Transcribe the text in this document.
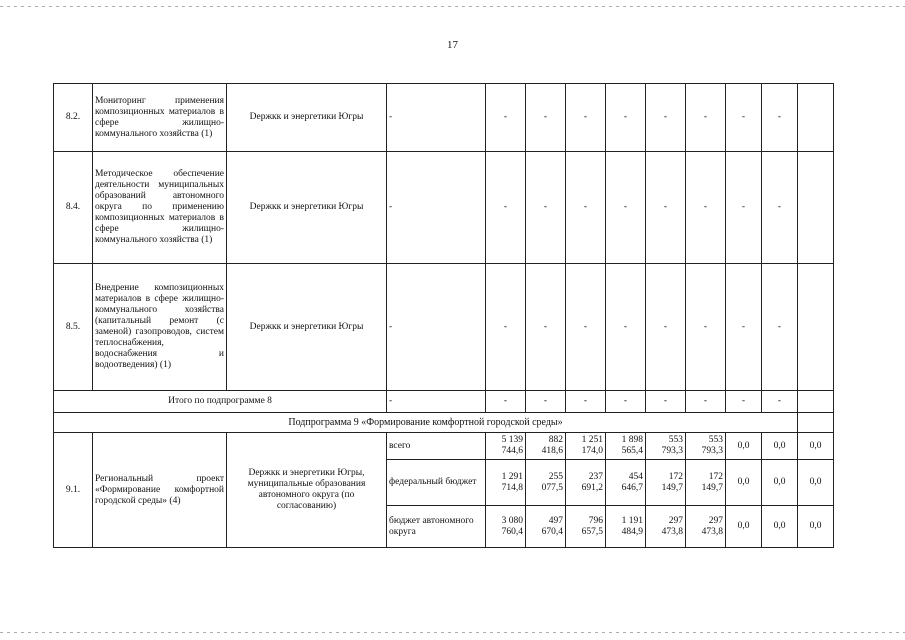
17
8.2.	Мониторинг применения композиционных материалов в сфере жилищно-коммунального хозяйства (1)	Depжкк и энергетики Югры	-	-	-	-	-	-	-	-	-	
8.4.	Методическое обеспечение деятельности муниципальных образований автономного округа по применению композиционных материалов в сфере жилищно-коммунального хозяйства (1)	Depжкк и энергетики Югры	-	-	-	-	-	-	-	-	-	
8.5.	Внедрение композиционных материалов в сфере жилищно-коммунального хозяйства (капитальный ремонт (с заменой) газопроводов, систем теплоснабжения, водоснабжения и водоотведения) (1)	Depжкк и энергетики Югры	-	-	-	-	-	-	-	-	-	
Итого по подпрограмме 8			-	-	-	-	-	-	-	-	-	
Подпрограмма 9 «Формирование комфортной городской среды»												
9.1.	Региональный проект «Формирование комфортной городской среды» (4)	Depжкк и энергетики Югры, муниципальные образования автономного округа (по согласованию)	всего	5 139 744,6	882 418,6	1 251 174,0	1 898 565,4	553 793,3	553 793,3	0,0	0,0	0,0
			федеральный бюджет	1 291 714,8	255 077,5	237 691,2	454 646,7	172 149,7	172 149,7	0,0	0,0	0,0
			бюджет автономного округа	3 080 760,4	497 670,4	796 657,5	1 191 484,9	297 473,8	297 473,8	0,0	0,0	0,0
